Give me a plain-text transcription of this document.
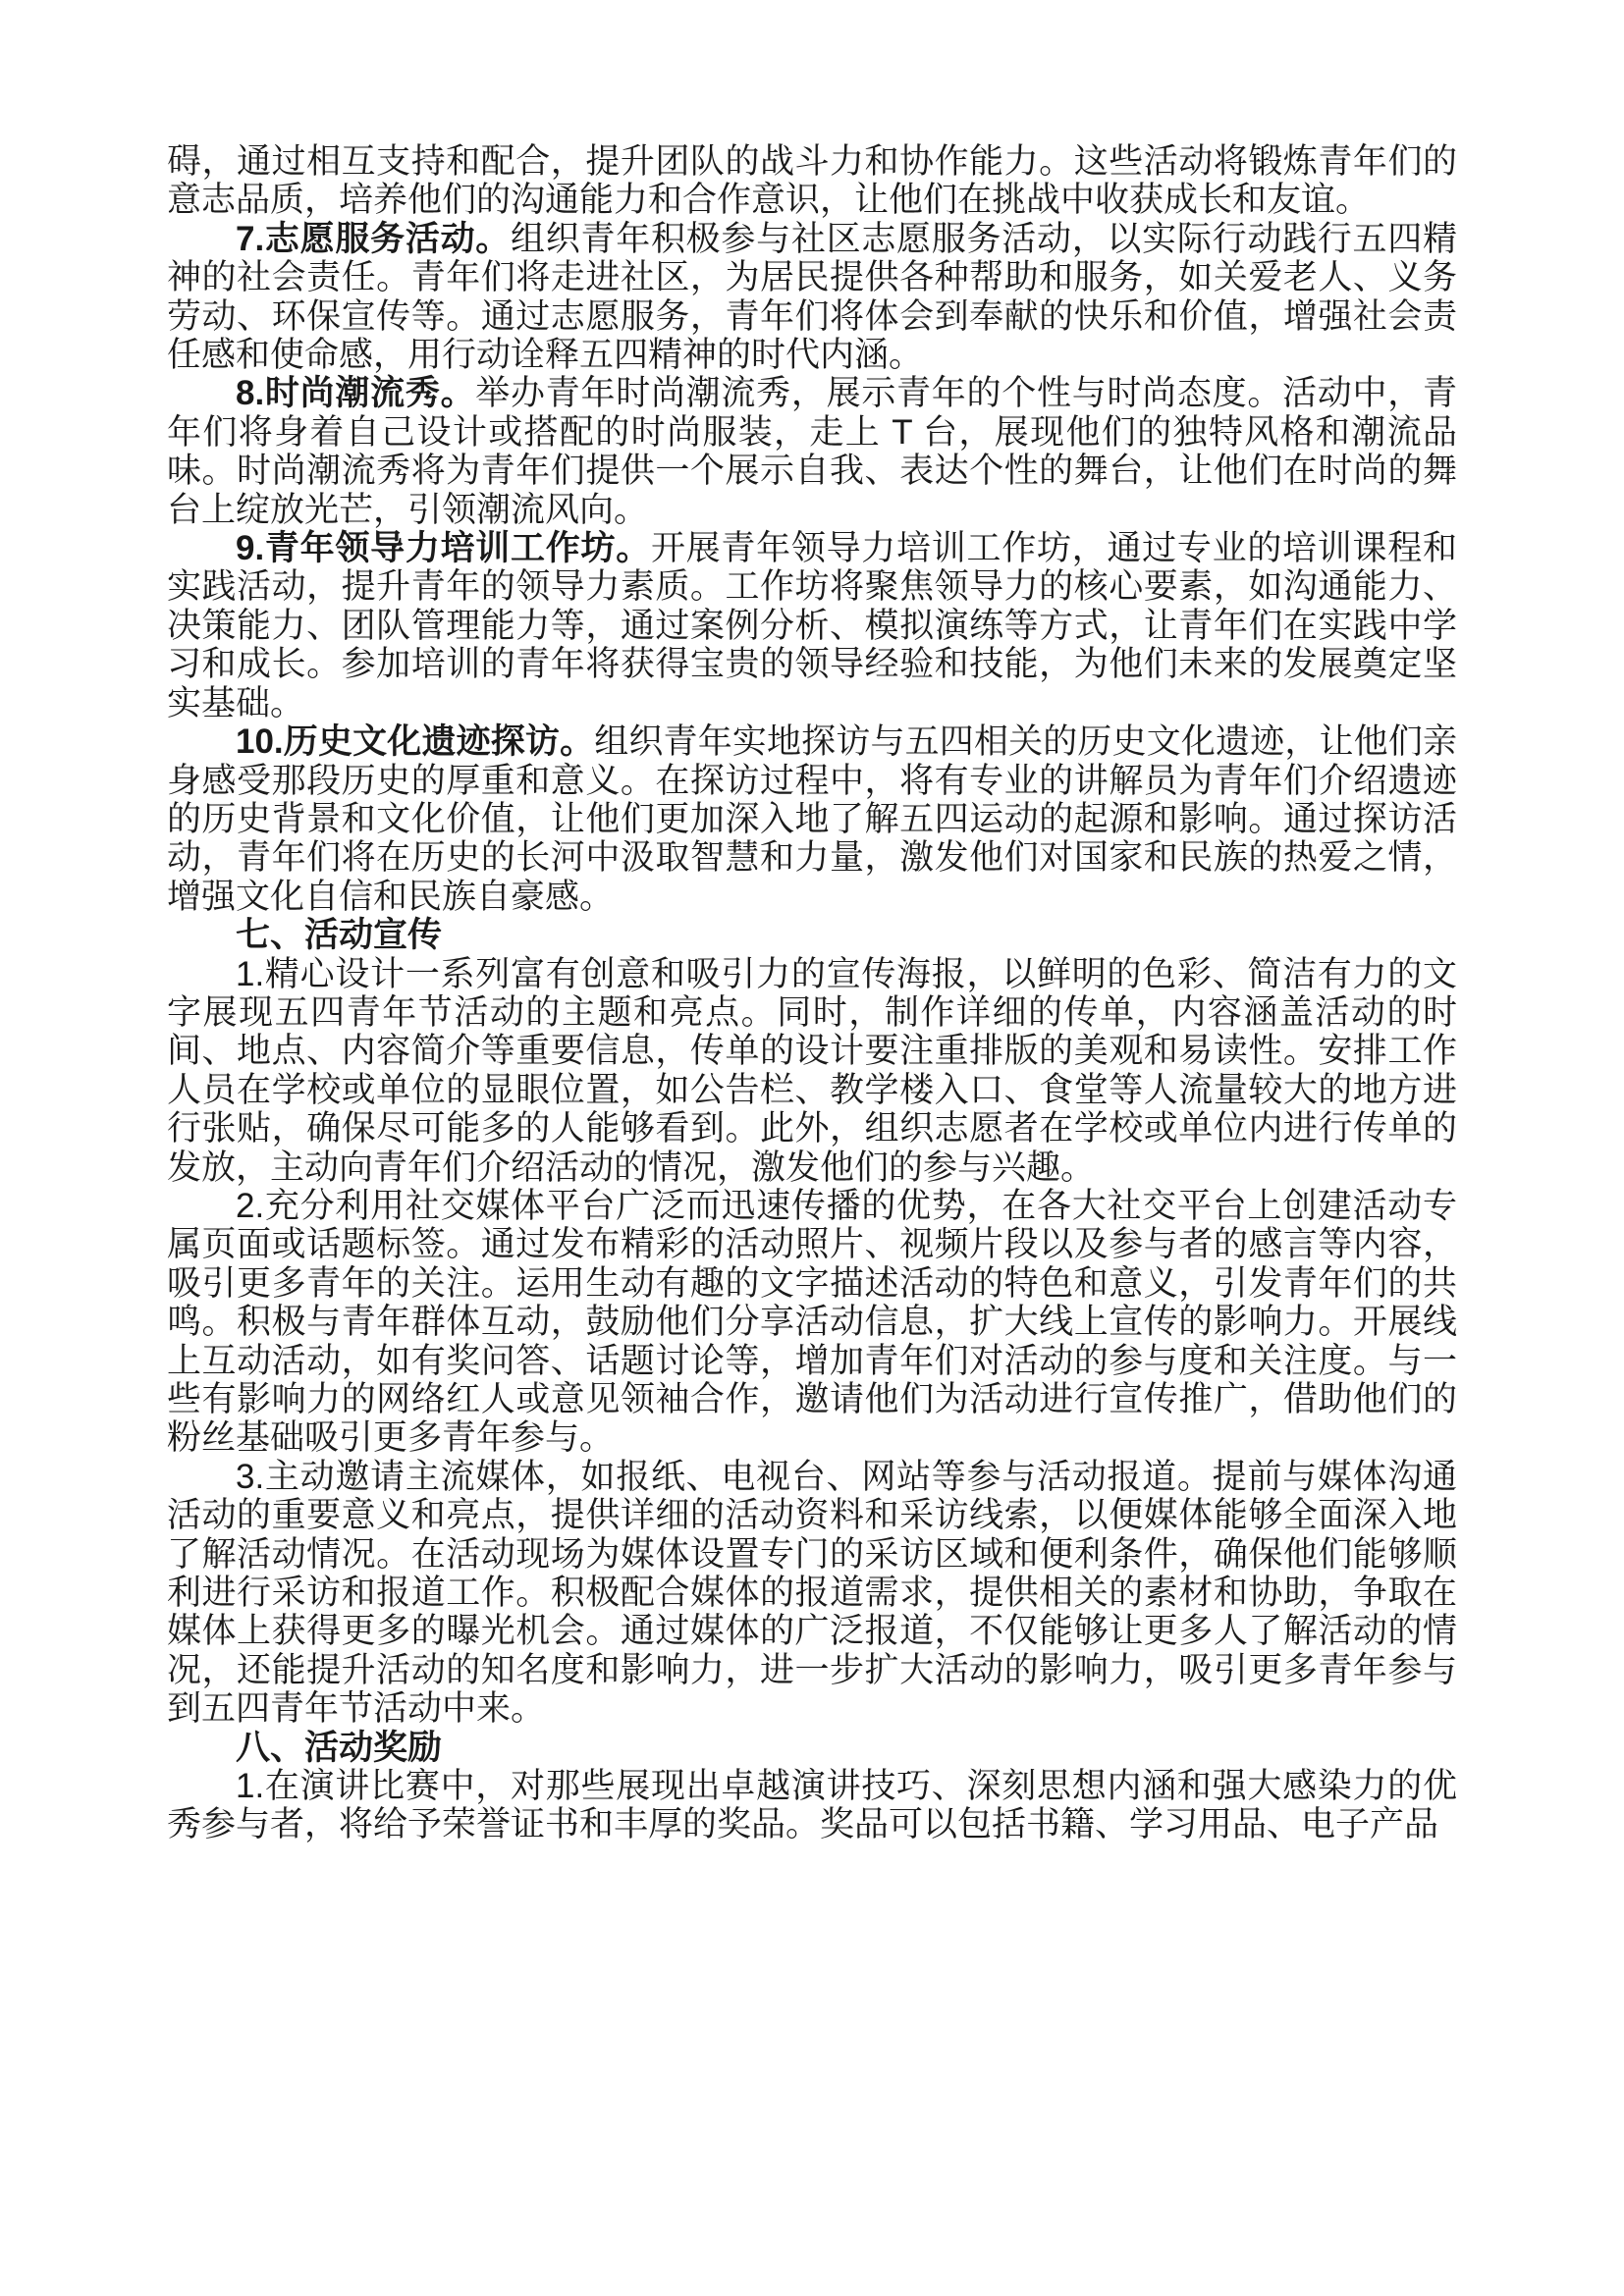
碍，通过相互支持和配合，提升团队的战斗力和协作能力。这些活动将锻炼青年们的意志品质，培养他们的沟通能力和合作意识，让他们在挑战中收获成长和友谊。

7.志愿服务活动。组织青年积极参与社区志愿服务活动，以实际行动践行五四精神的社会责任。青年们将走进社区，为居民提供各种帮助和服务，如关爱老人、义务劳动、环保宣传等。通过志愿服务，青年们将体会到奉献的快乐和价值，增强社会责任感和使命感，用行动诠释五四精神的时代内涵。

8.时尚潮流秀。举办青年时尚潮流秀，展示青年的个性与时尚态度。活动中，青年们将身着自己设计或搭配的时尚服装，走上 T 台，展现他们的独特风格和潮流品味。时尚潮流秀将为青年们提供一个展示自我、表达个性的舞台，让他们在时尚的舞台上绽放光芒，引领潮流风向。

9.青年领导力培训工作坊。开展青年领导力培训工作坊，通过专业的培训课程和实践活动，提升青年的领导力素质。工作坊将聚焦领导力的核心要素，如沟通能力、决策能力、团队管理能力等，通过案例分析、模拟演练等方式，让青年们在实践中学习和成长。参加培训的青年将获得宝贵的领导经验和技能，为他们未来的发展奠定坚实基础。

10.历史文化遗迹探访。组织青年实地探访与五四相关的历史文化遗迹，让他们亲身感受那段历史的厚重和意义。在探访过程中，将有专业的讲解员为青年们介绍遗迹的历史背景和文化价值，让他们更加深入地了解五四运动的起源和影响。通过探访活动，青年们将在历史的长河中汲取智慧和力量，激发他们对国家和民族的热爱之情，增强文化自信和民族自豪感。

七、活动宣传

1.精心设计一系列富有创意和吸引力的宣传海报，以鲜明的色彩、简洁有力的文字展现五四青年节活动的主题和亮点。同时，制作详细的传单，内容涵盖活动的时间、地点、内容简介等重要信息，传单的设计要注重排版的美观和易读性。安排工作人员在学校或单位的显眼位置，如公告栏、教学楼入口、食堂等人流量较大的地方进行张贴，确保尽可能多的人能够看到。此外，组织志愿者在学校或单位内进行传单的发放，主动向青年们介绍活动的情况，激发他们的参与兴趣。

2.充分利用社交媒体平台广泛而迅速传播的优势，在各大社交平台上创建活动专属页面或话题标签。通过发布精彩的活动照片、视频片段以及参与者的感言等内容，吸引更多青年的关注。运用生动有趣的文字描述活动的特色和意义，引发青年们的共鸣。积极与青年群体互动，鼓励他们分享活动信息，扩大线上宣传的影响力。开展线上互动活动，如有奖问答、话题讨论等，增加青年们对活动的参与度和关注度。与一些有影响力的网络红人或意见领袖合作，邀请他们为活动进行宣传推广，借助他们的粉丝基础吸引更多青年参与。

3.主动邀请主流媒体，如报纸、电视台、网站等参与活动报道。提前与媒体沟通活动的重要意义和亮点，提供详细的活动资料和采访线索，以便媒体能够全面深入地了解活动情况。在活动现场为媒体设置专门的采访区域和便利条件，确保他们能够顺利进行采访和报道工作。积极配合媒体的报道需求，提供相关的素材和协助，争取在媒体上获得更多的曝光机会。通过媒体的广泛报道，不仅能够让更多人了解活动的情况，还能提升活动的知名度和影响力，进一步扩大活动的影响力，吸引更多青年参与到五四青年节活动中来。

八、活动奖励

1.在演讲比赛中，对那些展现出卓越演讲技巧、深刻思想内涵和强大感染力的优秀参与者，将给予荣誉证书和丰厚的奖品。奖品可以包括书籍、学习用品、电子产品
